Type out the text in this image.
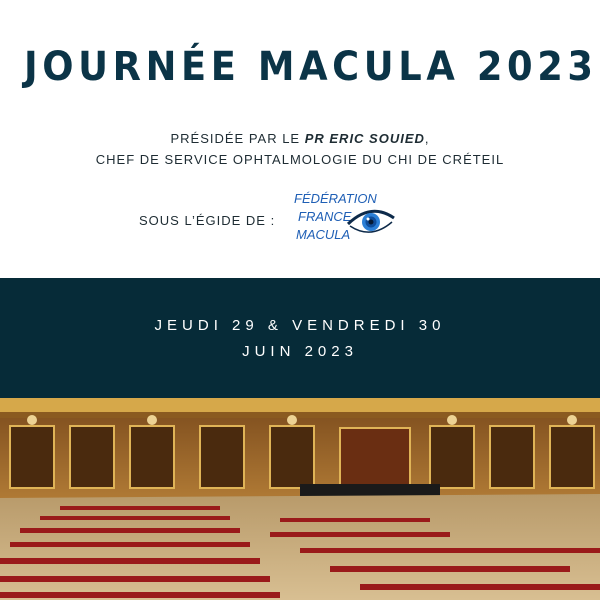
JOURNÉE MACULA 2023
PRÉSIDÉE PAR LE PR ERIC SOUIED,
CHEF DE SERVICE OPHTALMOLOGIE DU CHI DE CRÉTEIL
SOUS L’ÉGIDE DE :
FÉDÉRATION
FRANCE
MACULA
JEUDI 29 & VENDREDI 30
JUIN 2023
